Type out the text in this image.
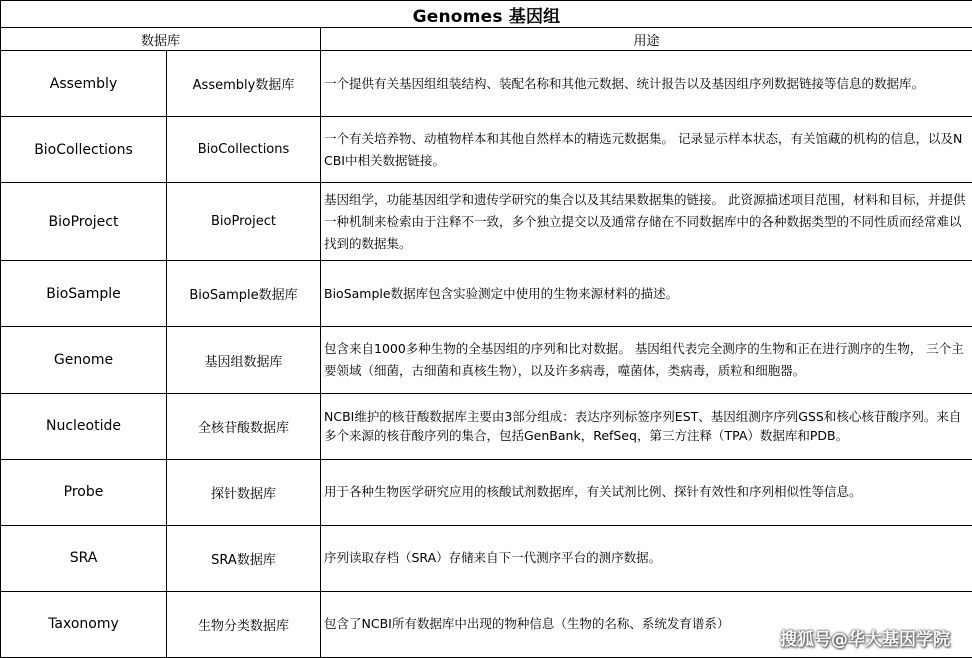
Genomes 基因组		
数据库		用途
Assembly	Assembly数据库	一个提供有关基因组组装结构、装配名称和其他元数据、统计报告以及基因组序列数据链接等信息的数据库。
BioCollections	BioCollections	一个有关培养物、动植物样本和其他自然样本的精选元数据集。 记录显示样本状态，有关馆藏的机构的信息，以及NCBI中相关数据链接。
BioProject	BioProject	基因组学，功能基因组学和遗传学研究的集合以及其结果数据集的链接。 此资源描述项目范围，材料和目标，并提供一种机制来检索由于注释不一致，多个独立提交以及通常存储在不同数据库中的各种数据类型的不同性质而经常难以找到的数据集。
BioSample	BioSample数据库	BioSample数据库包含实验测定中使用的生物来源材料的描述。
Genome	基因组数据库	包含来自1000多种生物的全基因组的序列和比对数据。 基因组代表完全测序的生物和正在进行测序的生物， 三个主要领域（细菌，古细菌和真核生物），以及许多病毒，噬菌体，类病毒，质粒和细胞器。
Nucleotide	全核苷酸数据库	NCBI维护的核苷酸数据库主要由3部分组成：表达序列标签序列EST、基因组测序序列GSS和核心核苷酸序列。来自多个来源的核苷酸序列的集合，包括GenBank，RefSeq，第三方注释（TPA）数据库和PDB。
Probe	探针数据库	用于各种生物医学研究应用的核酸试剂数据库，有关试剂比例、探针有效性和序列相似性等信息。
SRA	SRA数据库	序列读取存档（SRA）存储来自下一代测序平台的测序数据。
Taxonomy	生物分类数据库	包含了NCBI所有数据库中出现的物种信息（生物的名称、系统发育谱系）
搜狐号@华大基因学院
